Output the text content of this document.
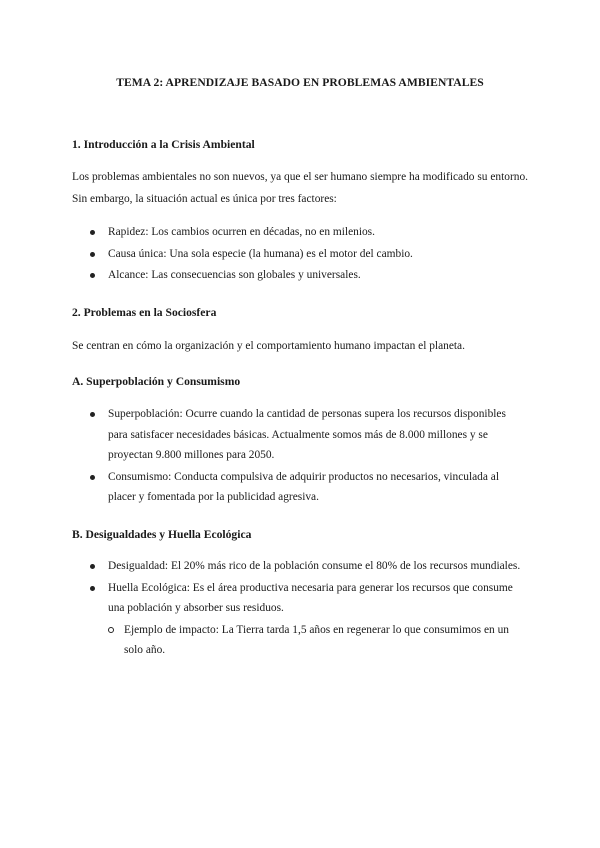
TEMA 2: APRENDIZAJE BASADO EN PROBLEMAS AMBIENTALES
1. Introducción a la Crisis Ambiental
Los problemas ambientales no son nuevos, ya que el ser humano siempre ha modificado su entorno. Sin embargo, la situación actual es única por tres factores:
Rapidez: Los cambios ocurren en décadas, no en milenios.
Causa única: Una sola especie (la humana) es el motor del cambio.
Alcance: Las consecuencias son globales y universales.
2. Problemas en la Sociosfera
Se centran en cómo la organización y el comportamiento humano impactan el planeta.
A. Superpoblación y Consumismo
Superpoblación: Ocurre cuando la cantidad de personas supera los recursos disponibles para satisfacer necesidades básicas. Actualmente somos más de 8.000 millones y se proyectan 9.800 millones para 2050.
Consumismo: Conducta compulsiva de adquirir productos no necesarios, vinculada al placer y fomentada por la publicidad agresiva.
B. Desigualdades y Huella Ecológica
Desigualdad: El 20% más rico de la población consume el 80% de los recursos mundiales.
Huella Ecológica: Es el área productiva necesaria para generar los recursos que consume una población y absorber sus residuos.
Ejemplo de impacto: La Tierra tarda 1,5 años en regenerar lo que consumimos en un solo año.
